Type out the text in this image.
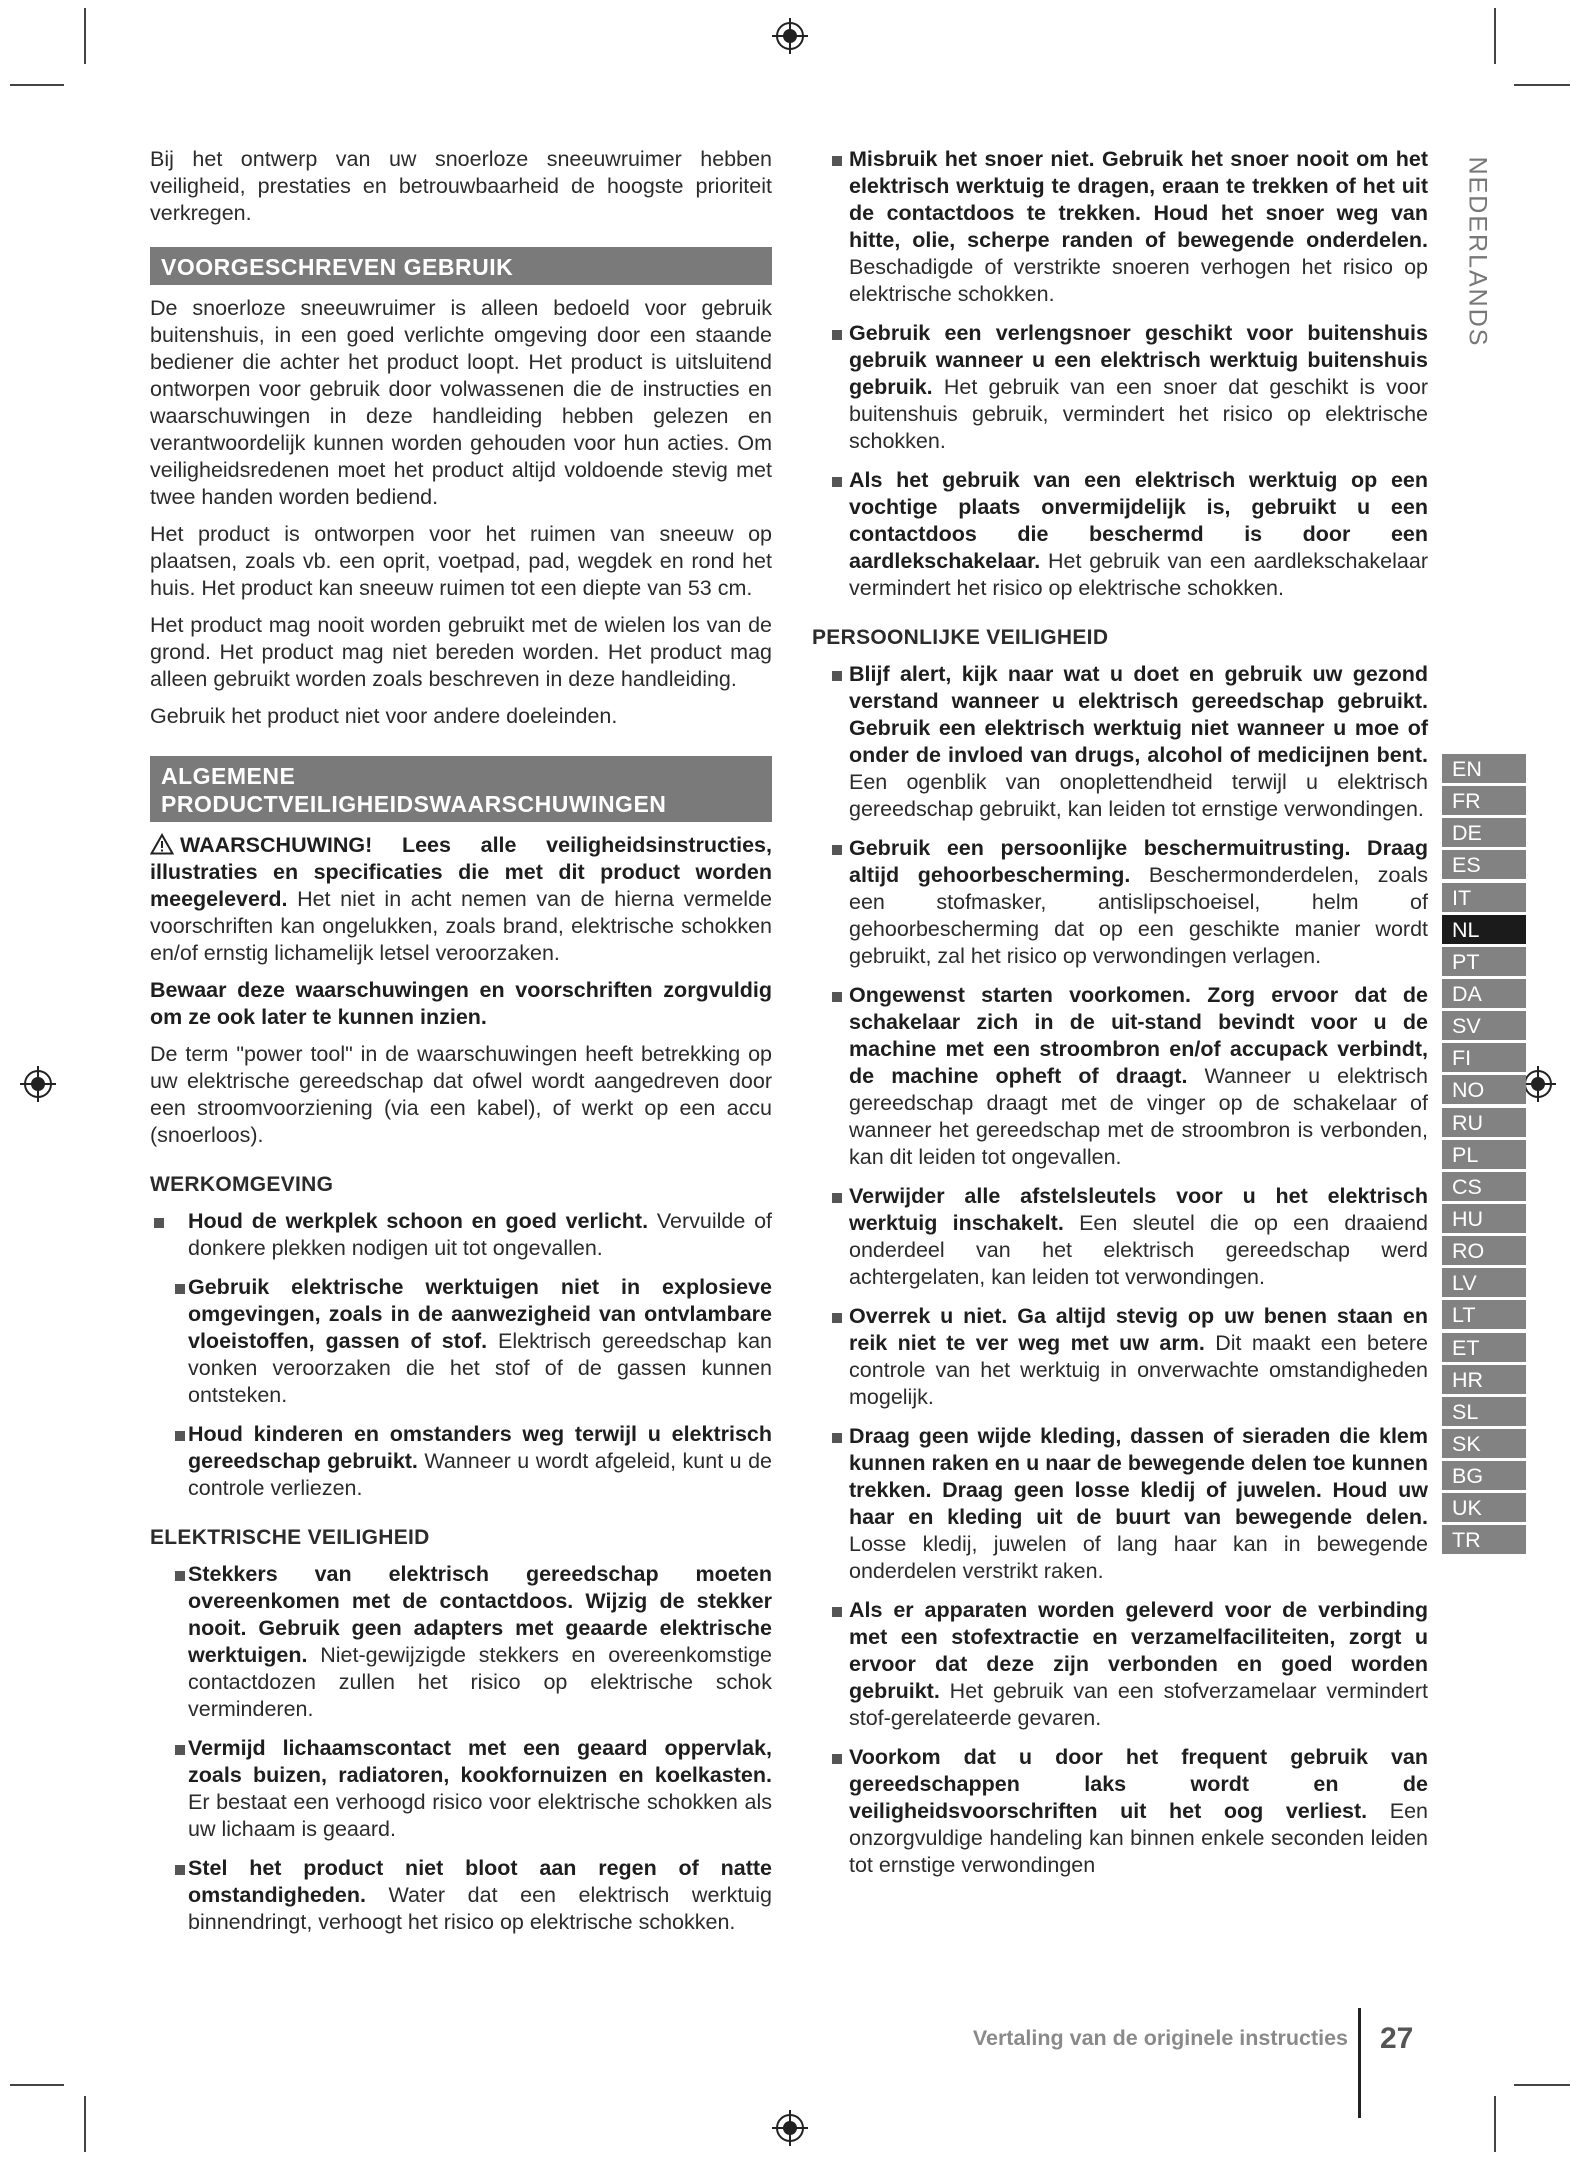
NEDERLANDS

Bij het ontwerp van uw snoerloze sneeuwruimer hebben veiligheid, prestaties en betrouwbaarheid de hoogste prioriteit verkregen.

VOORGESCHREVEN GEBRUIK

De snoerloze sneeuwruimer is alleen bedoeld voor gebruik buitenshuis, in een goed verlichte omgeving door een staande bediener die achter het product loopt. Het product is uitsluitend ontworpen voor gebruik door volwassenen die de instructies en waarschuwingen in deze handleiding hebben gelezen en verantwoordelijk kunnen worden gehouden voor hun acties. Om veiligheidsredenen moet het product altijd voldoende stevig met twee handen worden bediend.

Het product is ontworpen voor het ruimen van sneeuw op plaatsen, zoals vb. een oprit, voetpad, pad, wegdek en rond het huis. Het product kan sneeuw ruimen tot een diepte van 53 cm.

Het product mag nooit worden gebruikt met de wielen los van de grond. Het product mag niet bereden worden. Het product mag alleen gebruikt worden zoals beschreven in deze handleiding.

Gebruik het product niet voor andere doeleinden.

ALGEMENE
PRODUCTVEILIGHEIDSWAARSCHUWINGEN

WAARSCHUWING! Lees alle veiligheidsinstructies, illustraties en specificaties die met dit product worden meegeleverd. Het niet in acht nemen van de hierna vermelde voorschriften kan ongelukken, zoals brand, elektrische schokken en/of ernstig lichamelijk letsel veroorzaken.

Bewaar deze waarschuwingen en voorschriften zorgvuldig om ze ook later te kunnen inzien.

De term "power tool" in de waarschuwingen heeft betrekking op uw elektrische gereedschap dat ofwel wordt aangedreven door een stroomvoorziening (via een kabel), of werkt op een accu (snoerloos).

WERKOMGEVING
Houd de werkplek schoon en goed verlicht. Vervuilde of donkere plekken nodigen uit tot ongevallen.
Gebruik elektrische werktuigen niet in explosieve omgevingen, zoals in de aanwezigheid van ontvlambare vloeistoffen, gassen of stof. Elektrisch gereedschap kan vonken veroorzaken die het stof of de gassen kunnen ontsteken.
Houd kinderen en omstanders weg terwijl u elektrisch gereedschap gebruikt. Wanneer u wordt afgeleid, kunt u de controle verliezen.
ELEKTRISCHE VEILIGHEID
Stekkers van elektrisch gereedschap moeten overeenkomen met de contactdoos. Wijzig de stekker nooit. Gebruik geen adapters met geaarde elektrische werktuigen. Niet-gewijzigde stekkers en overeenkomstige contactdozen zullen het risico op elektrische schok verminderen.
Vermijd lichaamscontact met een geaard oppervlak, zoals buizen, radiatoren, kookfornuizen en koelkasten. Er bestaat een verhoogd risico voor elektrische schokken als uw lichaam is geaard.
Stel het product niet bloot aan regen of natte omstandigheden. Water dat een elektrisch werktuig binnendringt, verhoogt het risico op elektrische schokken.
Misbruik het snoer niet. Gebruik het snoer nooit om het elektrisch werktuig te dragen, eraan te trekken of het uit de contactdoos te trekken. Houd het snoer weg van hitte, olie, scherpe randen of bewegende onderdelen. Beschadigde of verstrikte snoeren verhogen het risico op elektrische schokken.
Gebruik een verlengsnoer geschikt voor buitenshuis gebruik wanneer u een elektrisch werktuig buitenshuis gebruik. Het gebruik van een snoer dat geschikt is voor buitenshuis gebruik, vermindert het risico op elektrische schokken.
Als het gebruik van een elektrisch werktuig op een vochtige plaats onvermijdelijk is, gebruikt u een contactdoos die beschermd is door een aardlekschakelaar. Het gebruik van een aardlekschakelaar vermindert het risico op elektrische schokken.
PERSOONLIJKE VEILIGHEID
Blijf alert, kijk naar wat u doet en gebruik uw gezond verstand wanneer u elektrisch gereedschap gebruikt. Gebruik een elektrisch werktuig niet wanneer u moe of onder de invloed van drugs, alcohol of medicijnen bent. Een ogenblik van onoplettendheid terwijl u elektrisch gereedschap gebruikt, kan leiden tot ernstige verwondingen.
Gebruik een persoonlijke beschermuitrusting. Draag altijd gehoorbescherming. Beschermonderdelen, zoals een stofmasker, antislipschoeisel, helm of gehoorbescherming dat op een geschikte manier wordt gebruikt, zal het risico op verwondingen verlagen.
Ongewenst starten voorkomen. Zorg ervoor dat de schakelaar zich in de uit-stand bevindt voor u de machine met een stroombron en/of accupack verbindt, de machine opheft of draagt. Wanneer u elektrisch gereedschap draagt met de vinger op de schakelaar of wanneer het gereedschap met de stroombron is verbonden, kan dit leiden tot ongevallen.
Verwijder alle afstelsleutels voor u het elektrisch werktuig inschakelt. Een sleutel die op een draaiend onderdeel van het elektrisch gereedschap werd achtergelaten, kan leiden tot verwondingen.
Overrek u niet. Ga altijd stevig op uw benen staan en reik niet te ver weg met uw arm. Dit maakt een betere controle van het werktuig in onverwachte omstandigheden mogelijk.
Draag geen wijde kleding, dassen of sieraden die klem kunnen raken en u naar de bewegende delen toe kunnen trekken. Draag geen losse kledij of juwelen. Houd uw haar en kleding uit de buurt van bewegende delen. Losse kledij, juwelen of lang haar kan in bewegende onderdelen verstrikt raken.
Als er apparaten worden geleverd voor de verbinding met een stofextractie en verzamelfaciliteiten, zorgt u ervoor dat deze zijn verbonden en goed worden gebruikt. Het gebruik van een stofverzamelaar vermindert stof-gerelateerde gevaren.
Voorkom dat u door het frequent gebruik van gereedschappen laks wordt en de veiligheidsvoorschriften uit het oog verliest. Een onzorgvuldige handeling kan binnen enkele seconden leiden tot ernstige verwondingen
EN
FR
DE
ES
IT
NL
PT
DA
SV
FI
NO
RU
PL
CS
HU
RO
LV
LT
ET
HR
SL
SK
BG
UK
TR
Vertaling van de originele instructies 27
